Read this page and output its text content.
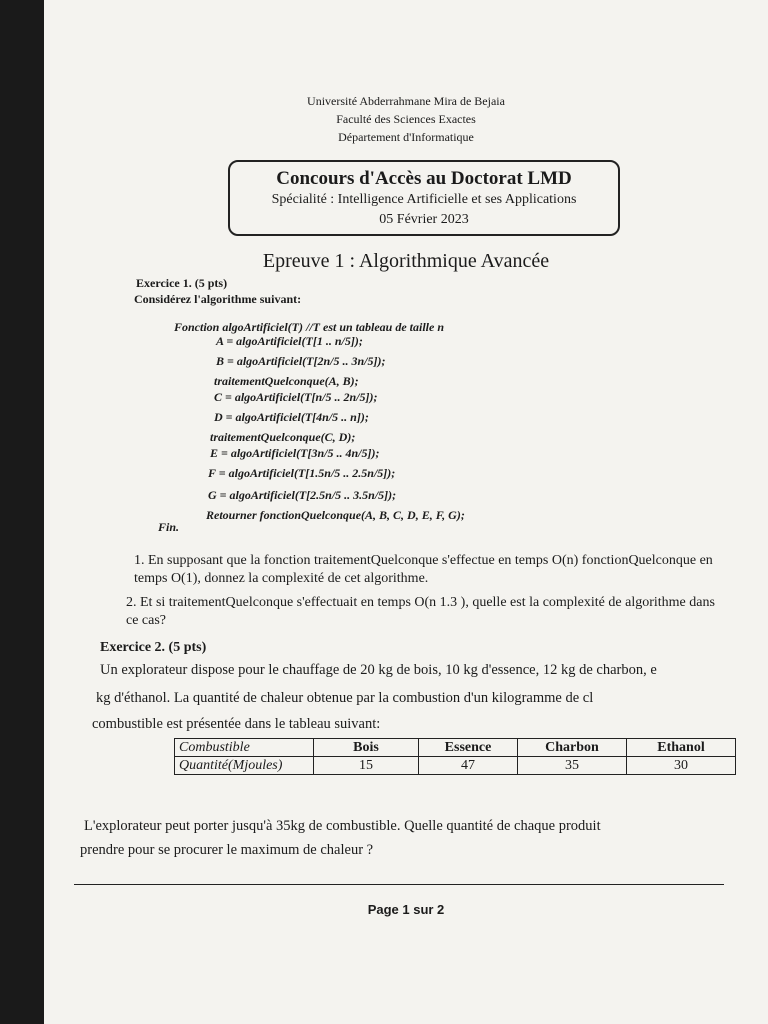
Université Abderrahmane Mira de Bejaia
Faculté des Sciences Exactes
Département d'Informatique
Concours d'Accès au Doctorat LMD
Spécialité : Intelligence Artificielle et ses Applications
05 Février 2023
Epreuve 1 : Algorithmique Avancée
Exercice 1. (5 pts)
Considérez l'algorithme suivant:
Fonction algoArtificiel(T) //T est un tableau de taille n
A = algoArtificiel(T[1 .. n/5]);
B = algoArtificiel(T[2n/5 .. 3n/5]);
traitementQuelconque(A, B);
C = algoArtificiel(T[n/5 .. 2n/5]);
D = algoArtificiel(T[4n/5 .. n]);
traitementQuelconque(C, D);
E = algoArtificiel(T[3n/5 .. 4n/5]);
F = algoArtificiel(T[1.5n/5 .. 2.5n/5]);
G = algoArtificiel(T[2.5n/5 .. 3.5n/5]);
Retourner fonctionQuelconque(A, B, C, D, E, F, G);
Fin.
1. En supposant que la fonction traitementQuelconque s'effectue en temps O(n) fonctionQuelconque en temps O(1), donnez la complexité de cet algorithme.
2. Et si traitementQuelconque s'effectuait en temps O(n 1.3 ), quelle est la complexité de algorithme dans ce cas?
Exercice 2. (5 pts)
Un explorateur dispose pour le chauffage de 20 kg de bois, 10 kg d'essence, 12 kg de charbon, e
kg d'éthanol. La quantité de chaleur obtenue par la combustion d'un kilogramme de cl
combustible est présentée dans le tableau suivant:
Combustible	Bois	Essence	Charbon	Ethanol
Quantité(Mjoules)	15	47	35	30
L'explorateur peut porter jusqu'à 35kg de combustible. Quelle quantité de chaque produit
prendre pour se procurer le maximum de chaleur ?
Page 1 sur 2
